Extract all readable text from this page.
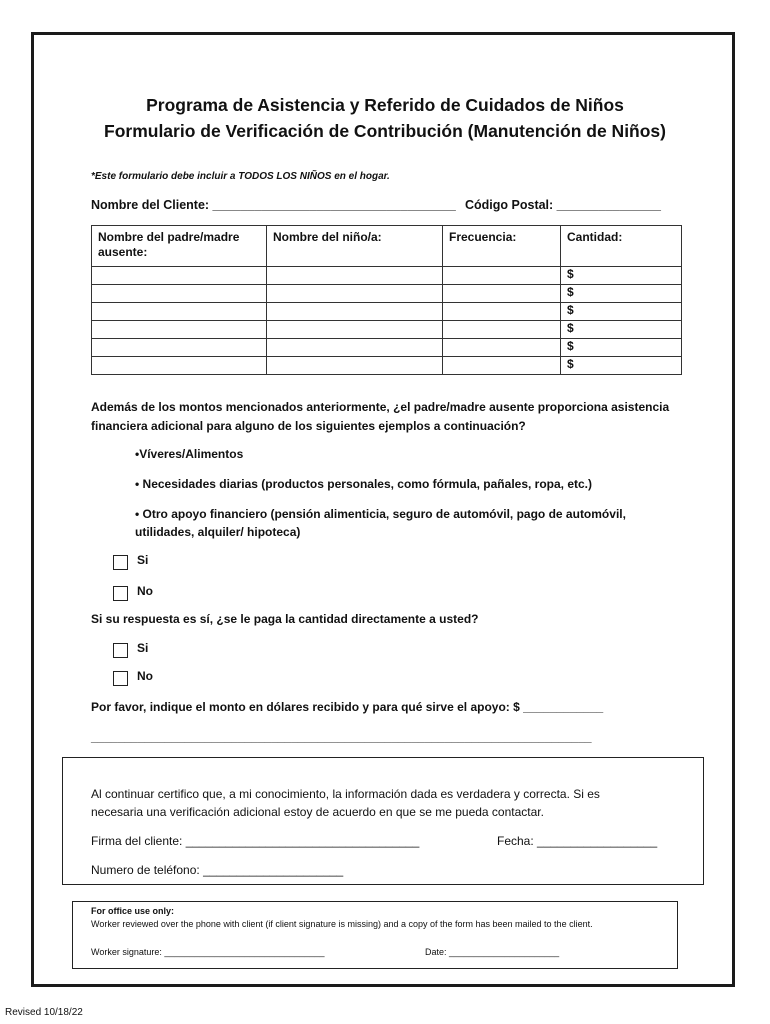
Programa de Asistencia y Referido de Cuidados de Niños
Formulario de Verificación de Contribución (Manutención de Niños)
*Este formulario debe incluir a TODOS LOS NIÑOS en el hogar.
Nombre del Cliente: ___________________________________ Código Postal: _______________
Nombre del padre/madre ausente:	Nombre del niño/a:	Frecuencia:	Cantidad:
			$
			$
			$
			$
			$
			$
Además de los montos mencionados anteriormente, ¿el padre/madre ausente proporciona asistencia
financiera adicional para alguno de los siguientes ejemplos a continuación?
•Víveres/Alimentos
• Necesidades diarias (productos personales, como fórmula, pañales, ropa, etc.)
• Otro apoyo financiero (pensión alimenticia, seguro de automóvil, pago de automóvil,
utilidades, alquiler/ hipoteca)
Si
No
Si su respuesta es sí, ¿se le paga la cantidad directamente a usted?
Si
No
Por favor, indique el monto en dólares recibido y para qué sirve el apoyo: $ ____________
___________________________________________________________________________
Al continuar certifico que, a mi conocimiento, la información dada es verdadera y correcta. Si es
necesaria una verificación adicional estoy de acuerdo en que se me pueda contactar.
Firma del cliente: ___________________________________	Fecha: __________________
Numero de teléfono: _____________________
For office use only:
Worker reviewed over the phone with client (if client signature is missing) and a copy of the form has been mailed to the client.
Worker signature: ________________________________	Date: ______________________
Revised 10/18/22
